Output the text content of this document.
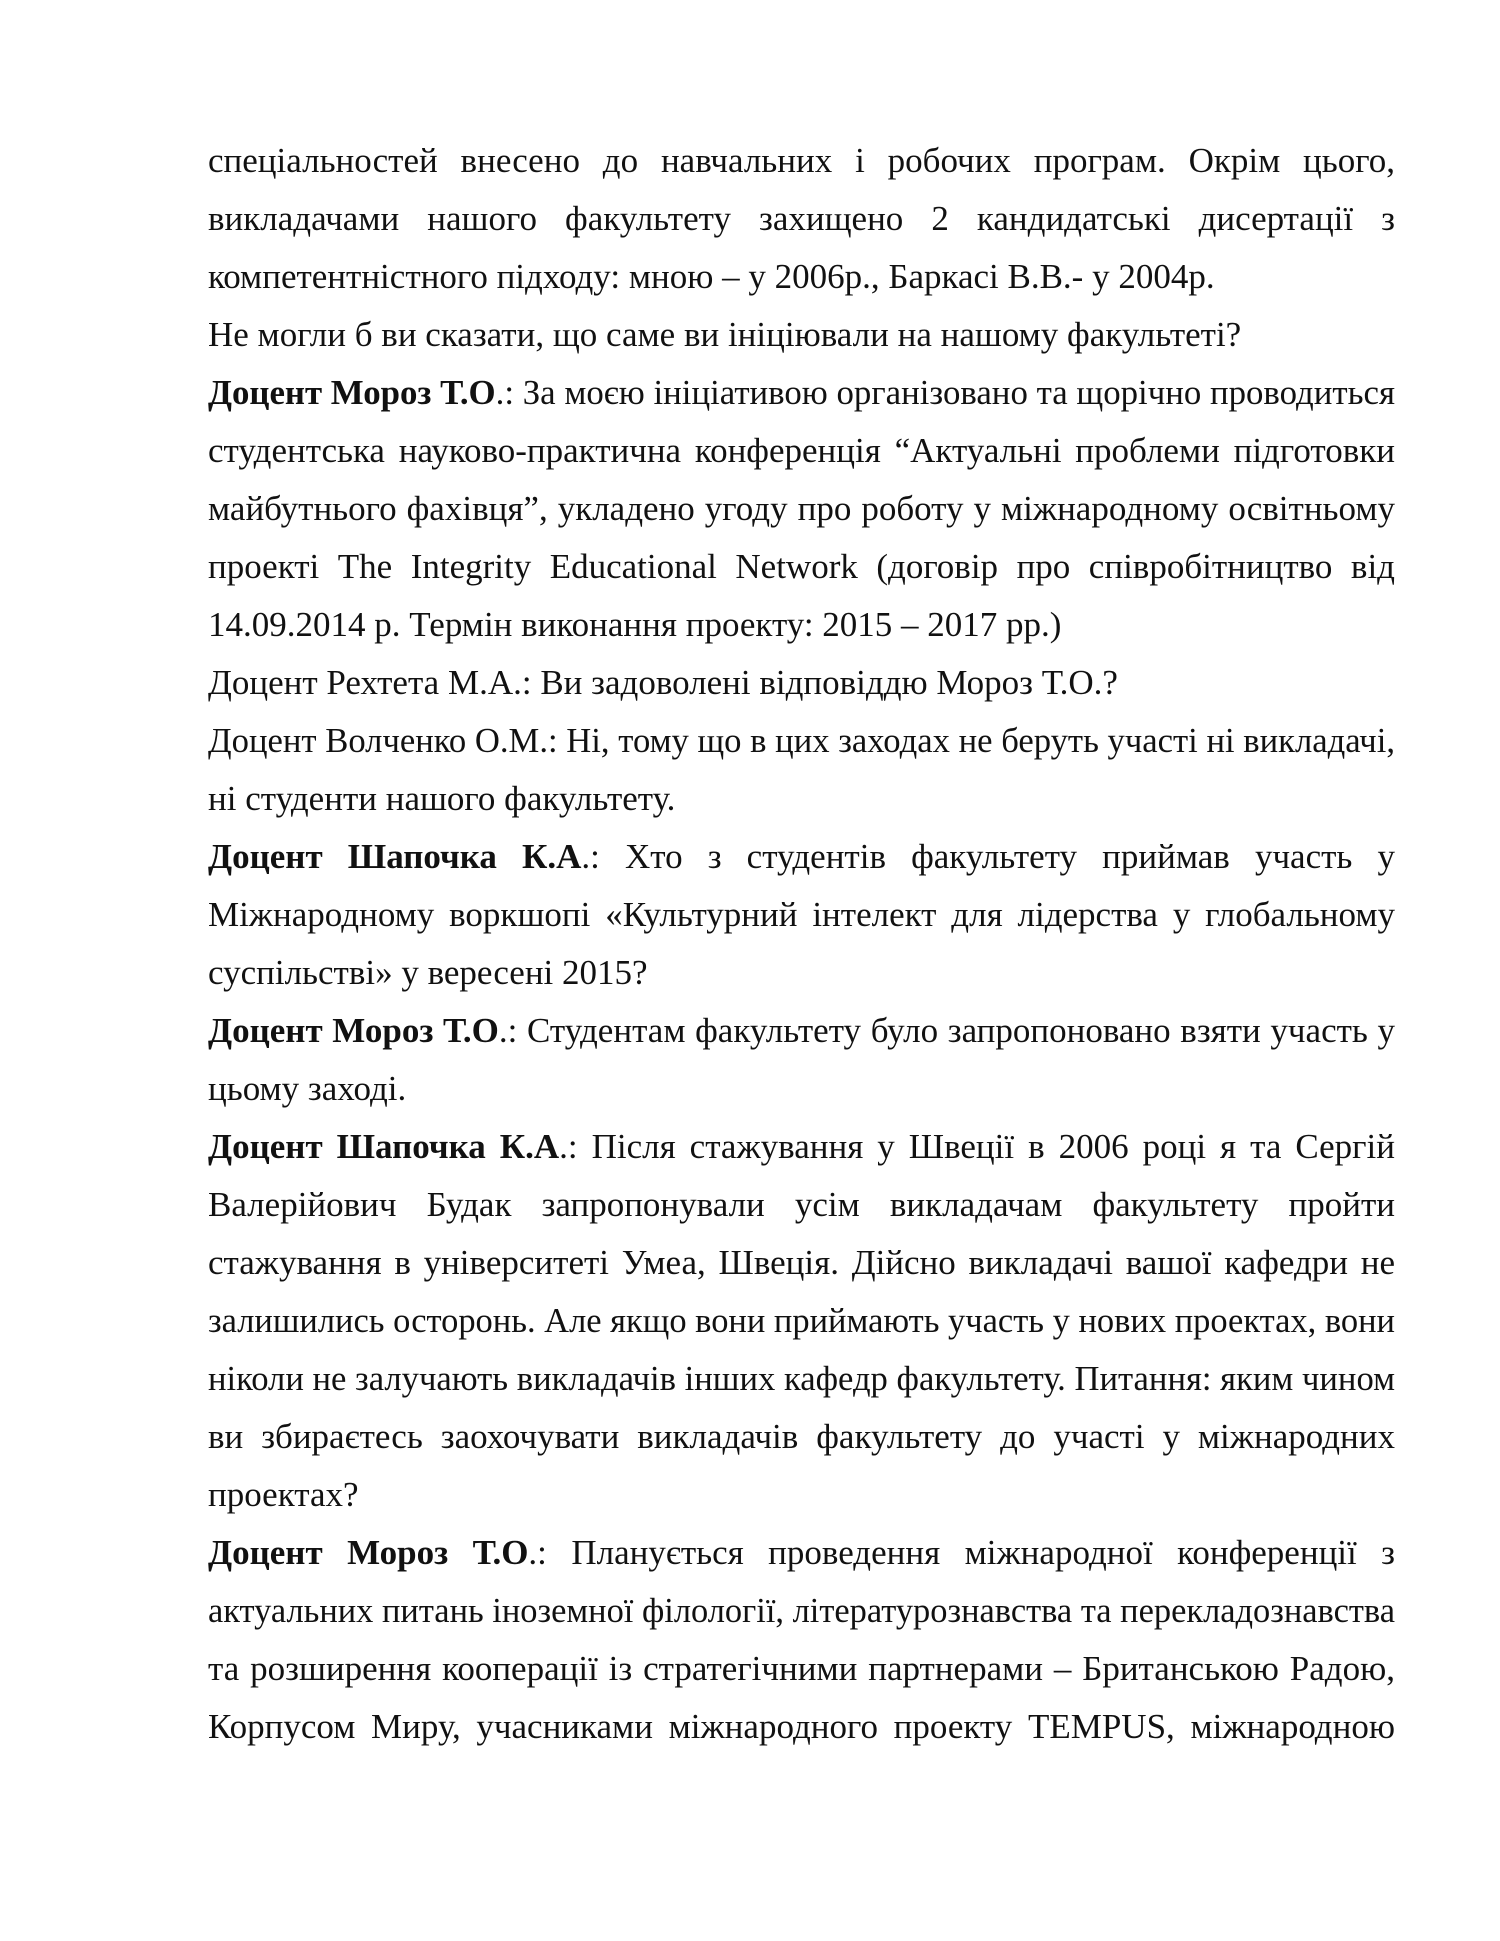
спеціальностей внесено до навчальних і робочих програм. Окрім цього,
викладачами нашого факультету захищено 2 кандидатські дисертації з
компетентністного підходу: мною – у 2006р., Баркасі В.В.- у 2004р.
Не могли б ви сказати, що саме ви ініціювали на нашому факультеті?
Доцент Мороз Т.О.: За моєю ініціативою організовано та щорічно проводиться
студентська науково-практична конференція “Актуальні проблеми підготовки
майбутнього фахівця”, укладено угоду про роботу у міжнародному освітньому
проекті The Integrity Educational Network (договір про співробітництво від
14.09.2014 р. Термін виконання проекту: 2015 – 2017 рр.)
Доцент Рехтета М.А.: Ви задоволені відповіддю Мороз Т.О.?
Доцент Волченко О.М.: Ні, тому що в цих заходах не беруть участі ні викладачі,
ні студенти нашого факультету.
Доцент Шапочка К.А.: Хто з студентів факультету приймав участь у
Міжнародному воркшопі «Культурний інтелект для лідерства у глобальному
суспільстві» у вересені 2015?
Доцент Мороз Т.О.: Студентам факультету було запропоновано взяти участь у
цьому заході.
Доцент Шапочка К.А.: Після стажування у Швеції в 2006 році я та Сергій
Валерійович Будак запропонували усім викладачам факультету пройти
стажування в університеті Умеа, Швеція. Дійсно викладачі вашої кафедри не
залишились осторонь. Але якщо вони приймають участь у нових проектах, вони
ніколи не залучають викладачів інших кафедр факультету. Питання: яким чином
ви збираєтесь заохочувати викладачів факультету до участі у міжнародних
проектах?
Доцент Мороз Т.О.: Планується проведення міжнародної конференції з
актуальних питань іноземної філології, літературознавства та перекладознавства
та розширення кооперації із стратегічними партнерами – Британською Радою,
Корпусом Миру, учасниками міжнародного проекту TEMPUS, міжнародною
